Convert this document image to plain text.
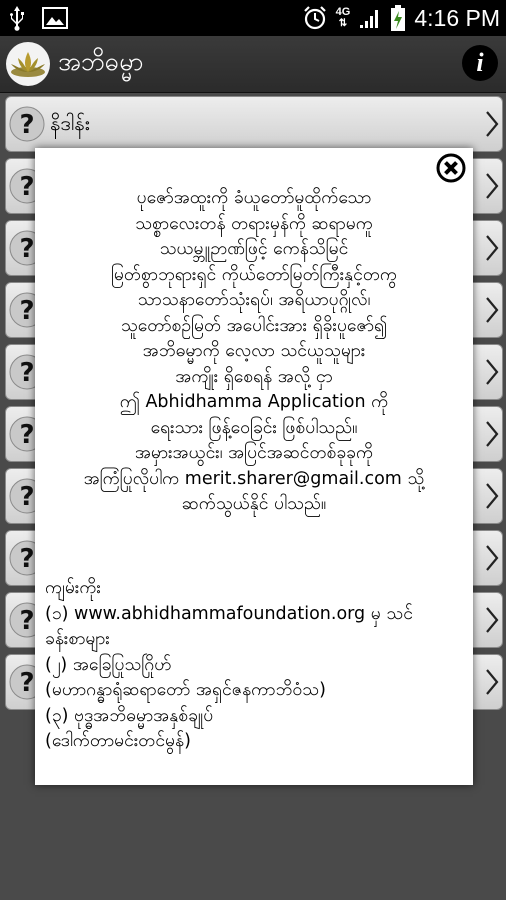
4G
⇅	4:16 PM
အဘိဓမ္မာ	i
? နိဒါန်း
?
?
?
?
?
?
?
?
?
ပုဇော်အထူးကို ခံယူတော်မူထိုက်သော
သစ္စာလေးတန် တရားမှန်ကို ဆရာမကူ
သယမ္ဘူဉာဏ်ဖြင့် ကေန်သိမြင်
မြတ်စွာဘုရားရှင် ကိုယ်တော်မြတ်ကြီးနှင့်တကွ
သာသနာတော်သုံးရပ်၊ အရိယာပုဂ္ဂိုလ်၊
သူတော်စဉ်မြတ် အပေါင်းအား ရှိခိုးပူဇော်၍
အဘိဓမ္မာကို လေ့လာ သင်ယူသူများ
အကျိုး ရှိစေရန် အလို့ ငှာ
ဤ Abhidhamma Application ကို
ရေးသား ဖြန့်ဝေခြင်း ဖြစ်ပါသည်။
အမှားအယွင်း၊ အပြင်အဆင်တစ်ခုခုကို
အကြံပြုလိုပါက merit.sharer@gmail.com သို့
ဆက်သွယ်နိုင် ပါသည်။
ကျမ်းကိုး
(၁) www.abhidhammafoundation.org မှ သင်
ခန်းစာများ
(၂) အခြေပြုသဂြိုဟ်
(မဟာဂန္ဓာရုံဆရာတော် အရှင်ဇနကာဘိဝံသ)
(၃) ဗုဒ္ဓအဘိဓမ္မာအနှစ်ချုပ်
(ဒေါက်တာမင်းတင်မွန်)
